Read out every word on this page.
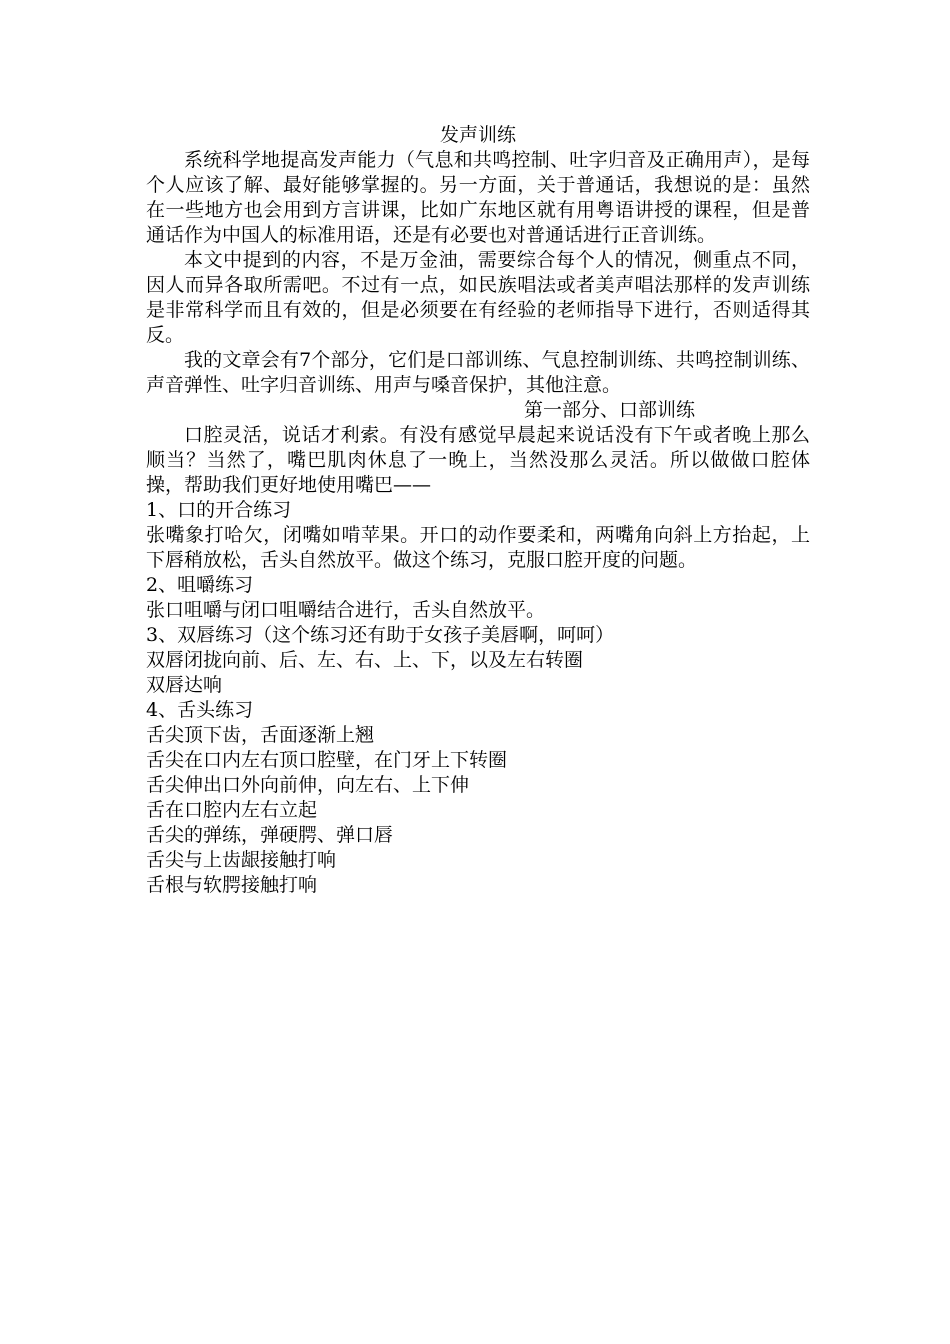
发声训练

系统科学地提高发声能力（气息和共鸣控制、吐字归音及正确用声），是每个人应该了解、最好能够掌握的。另一方面，关于普通话，我想说的是：虽然在一些地方也会用到方言讲课，比如广东地区就有用粤语讲授的课程，但是普通话作为中国人的标准用语，还是有必要也对普通话进行正音训练。

本文中提到的内容，不是万金油，需要综合每个人的情况，侧重点不同，因人而异各取所需吧。不过有一点，如民族唱法或者美声唱法那样的发声训练是非常科学而且有效的，但是必须要在有经验的老师指导下进行，否则适得其反。

我的文章会有7个部分，它们是口部训练、气息控制训练、共鸣控制训练、声音弹性、吐字归音训练、用声与嗓音保护，其他注意。

第一部分、口部训练

口腔灵活，说话才利索。有没有感觉早晨起来说话没有下午或者晚上那么顺当？当然了，嘴巴肌肉休息了一晚上，当然没那么灵活。所以做做口腔体操，帮助我们更好地使用嘴巴——

1、口的开合练习

张嘴象打哈欠，闭嘴如啃苹果。开口的动作要柔和，两嘴角向斜上方抬起，上下唇稍放松，舌头自然放平。做这个练习，克服口腔开度的问题。

2、咀嚼练习

张口咀嚼与闭口咀嚼结合进行，舌头自然放平。

3、双唇练习（这个练习还有助于女孩子美唇啊，呵呵）

双唇闭拢向前、后、左、右、上、下，以及左右转圈

双唇达响

4、舌头练习

舌尖顶下齿，舌面逐渐上翘

舌尖在口内左右顶口腔壁，在门牙上下转圈

舌尖伸出口外向前伸，向左右、上下伸

舌在口腔内左右立起

舌尖的弹练，弹硬腭、弹口唇

舌尖与上齿龈接触打响

舌根与软腭接触打响
